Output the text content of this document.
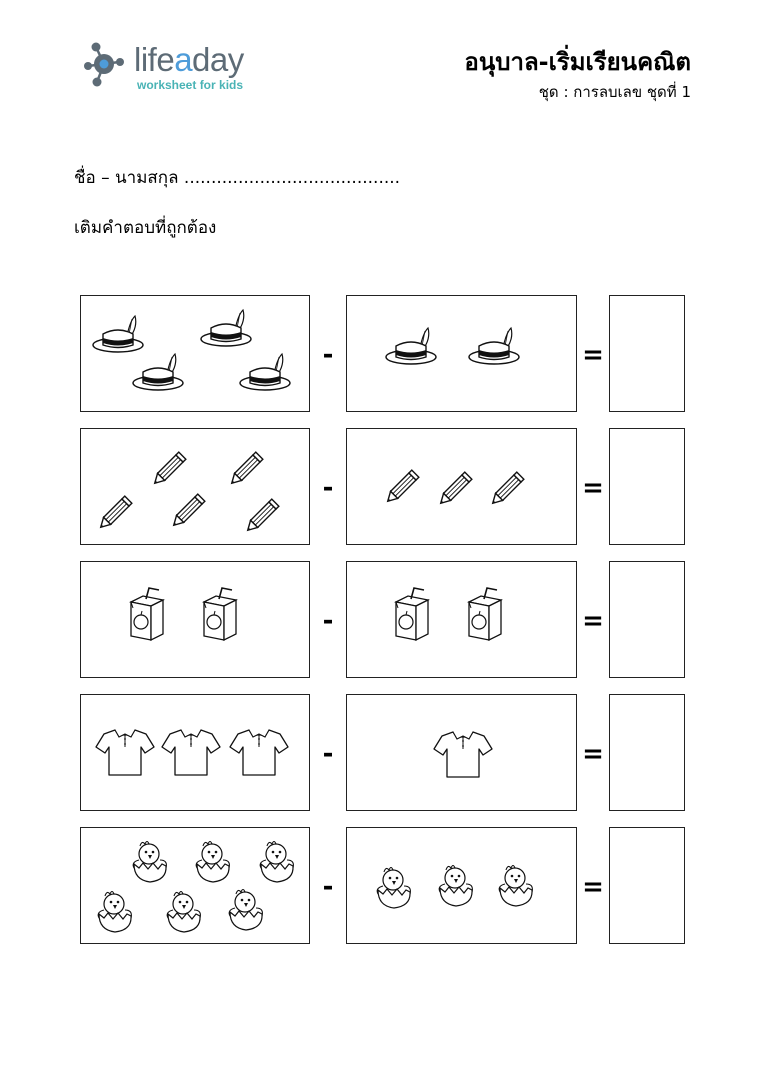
lifeaday
worksheet for kids
อนุบาล-เริ่มเรียนคณิต
ชุด : การลบเลข ชุดที่ 1
ชื่อ – นามสกุล ........................................
เติมคำตอบที่ถูกต้อง
-	=
-	=
-	=
-	=
-	=
